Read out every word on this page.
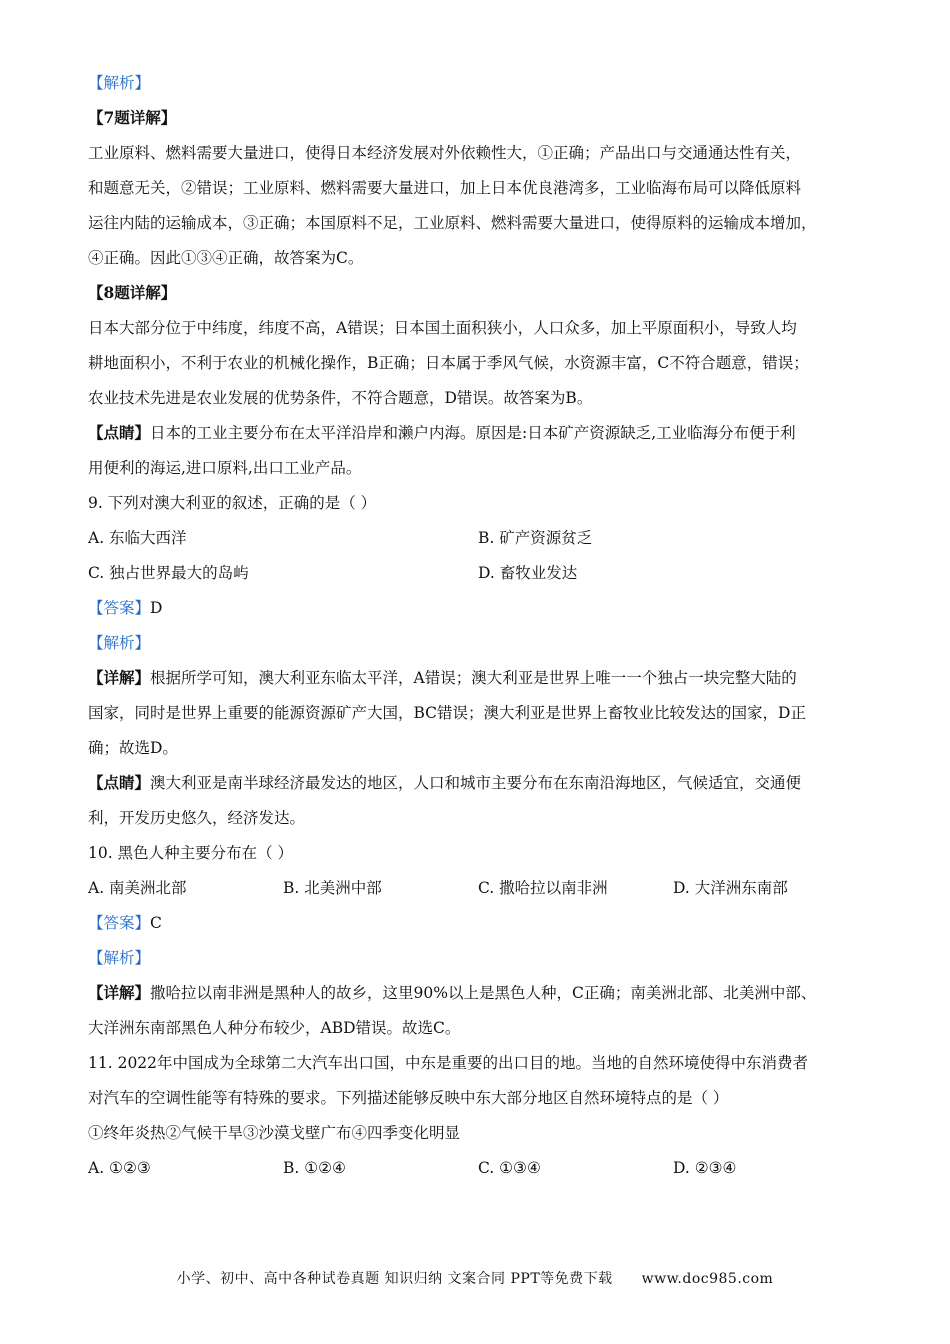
【解析】
【7题详解】
工业原料、燃料需要大量进口，使得日本经济发展对外依赖性大，①正确；产品出口与交通通达性有关，
和题意无关，②错误；工业原料、燃料需要大量进口，加上日本优良港湾多，工业临海布局可以降低原料
运往内陆的运输成本，③正确；本国原料不足，工业原料、燃料需要大量进口，使得原料的运输成本增加，
④正确。因此①③④正确，故答案为C。
【8题详解】
日本大部分位于中纬度，纬度不高，A错误；日本国土面积狭小，人口众多，加上平原面积小，导致人均
耕地面积小，不利于农业的机械化操作，B正确；日本属于季风气候，水资源丰富，C不符合题意，错误；
农业技术先进是农业发展的优势条件，不符合题意，D错误。故答案为B。
【点睛】日本的工业主要分布在太平洋沿岸和濑户内海。原因是:日本矿产资源缺乏,工业临海分布便于利
用便利的海运,进口原料,出口工业产品。
9. 下列对澳大利亚的叙述，正确的是（ ）
A. 东临大西洋	B. 矿产资源贫乏
C. 独占世界最大的岛屿	D. 畜牧业发达
【答案】D
【解析】
【详解】根据所学可知，澳大利亚东临太平洋，A错误；澳大利亚是世界上唯一一个独占一块完整大陆的
国家，同时是世界上重要的能源资源矿产大国，BC错误；澳大利亚是世界上畜牧业比较发达的国家，D正
确；故选D。
【点睛】澳大利亚是南半球经济最发达的地区，人口和城市主要分布在东南沿海地区，气候适宜，交通便
利，开发历史悠久，经济发达。
10. 黑色人种主要分布在（ ）
A. 南美洲北部	B. 北美洲中部	C. 撒哈拉以南非洲	D. 大洋洲东南部
【答案】C
【解析】
【详解】撒哈拉以南非洲是黑种人的故乡，这里90%以上是黑色人种，C正确；南美洲北部、北美洲中部、
大洋洲东南部黑色人种分布较少，ABD错误。故选C。
11. 2022年中国成为全球第二大汽车出口国，中东是重要的出口目的地。当地的自然环境使得中东消费者
对汽车的空调性能等有特殊的要求。下列描述能够反映中东大部分地区自然环境特点的是（ ）
①终年炎热②气候干旱③沙漠戈壁广布④四季变化明显
A. ①②③	B. ①②④	C. ①③④	D. ②③④
小学、初中、高中各种试卷真题 知识归纳 文案合同 PPT等免费下载 www.doc985.com
